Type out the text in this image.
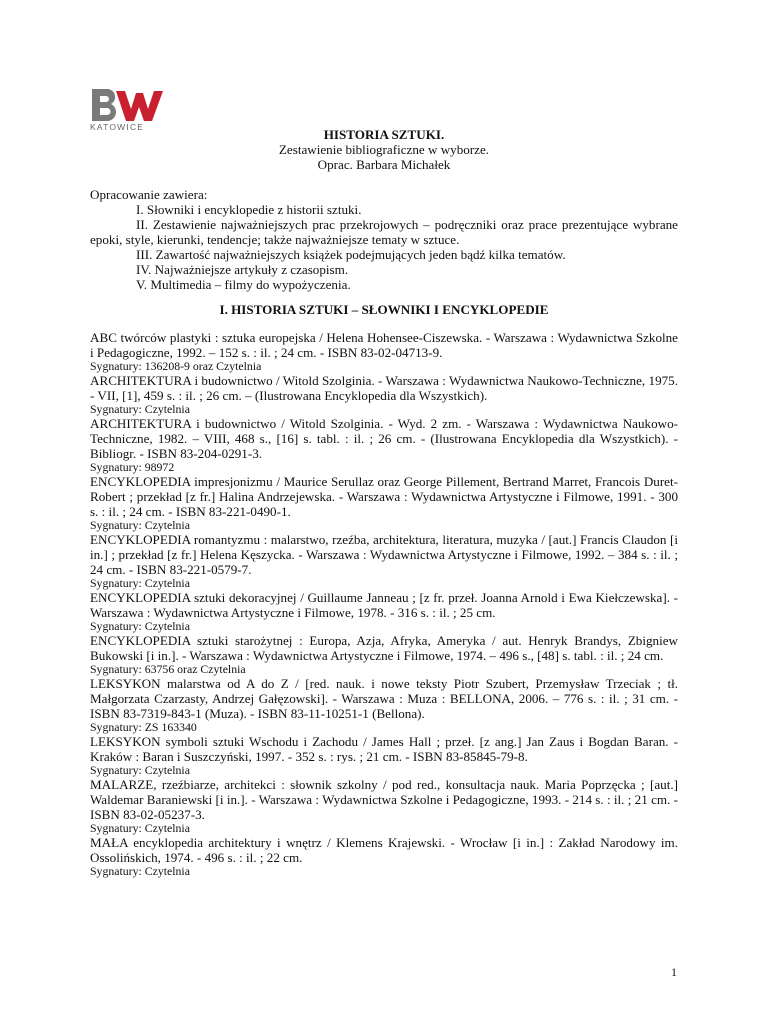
KATOWICE	HISTORIA SZTUKI.
Zestawienie bibliograficzne w wyborze.
Oprac. Barbara Michałek
Opracowanie zawiera:
I. Słowniki i encyklopedie z historii sztuki.
II. Zestawienie najważniejszych prac przekrojowych – podręczniki oraz prace prezentujące wybrane epoki, style, kierunki, tendencje; także najważniejsze tematy w sztuce.
III. Zawartość najważniejszych książek podejmujących jeden bądź kilka tematów.
IV. Najważniejsze artykuły z czasopism.
V. Multimedia – filmy do wypożyczenia.
I. HISTORIA SZTUKI – SŁOWNIKI I ENCYKLOPEDIE
ABC twórców plastyki : sztuka europejska / Helena Hohensee-Ciszewska. - Warszawa : Wydawnictwa Szkolne i Pedagogiczne, 1992. – 152 s. : il. ; 24 cm. - ISBN 83-02-04713-9.
Sygnatury: 136208-9 oraz Czytelnia
ARCHITEKTURA i budownictwo / Witold Szolginia. - Warszawa : Wydawnictwa Naukowo-Techniczne, 1975. - VII, [1], 459 s. : il. ; 26 cm. – (Ilustrowana Encyklopedia dla Wszystkich).
Sygnatury: Czytelnia
ARCHITEKTURA i budownictwo / Witold Szolginia. - Wyd. 2 zm. - Warszawa : Wydawnictwa Naukowo-Techniczne, 1982. – VIII, 468 s., [16] s. tabl. : il. ; 26 cm. - (Ilustrowana Encyklopedia dla Wszystkich). - Bibliogr. - ISBN 83-204-0291-3.
Sygnatury: 98972
ENCYKLOPEDIA impresjonizmu / Maurice Serullaz oraz George Pillement, Bertrand Marret, Francois Duret-Robert ; przekład [z fr.] Halina Andrzejewska. - Warszawa : Wydawnictwa Artystyczne i Filmowe, 1991. - 300 s. : il. ; 24 cm. - ISBN 83-221-0490-1.
Sygnatury: Czytelnia
ENCYKLOPEDIA romantyzmu : malarstwo, rzeźba, architektura, literatura, muzyka / [aut.] Francis Claudon [i in.] ; przekład [z fr.] Helena Kęszycka. - Warszawa : Wydawnictwa Artystyczne i Filmowe, 1992. – 384 s. : il. ; 24 cm. - ISBN 83-221-0579-7.
Sygnatury: Czytelnia
ENCYKLOPEDIA sztuki dekoracyjnej / Guillaume Janneau ; [z fr. przeł. Joanna Arnold i Ewa Kiełczewska]. - Warszawa : Wydawnictwa Artystyczne i Filmowe, 1978. - 316 s. : il. ; 25 cm.
Sygnatury: Czytelnia
ENCYKLOPEDIA sztuki starożytnej : Europa, Azja, Afryka, Ameryka / aut. Henryk Brandys, Zbigniew Bukowski [i in.]. - Warszawa : Wydawnictwa Artystyczne i Filmowe, 1974. – 496 s., [48] s. tabl. : il. ; 24 cm.
Sygnatury: 63756 oraz Czytelnia
LEKSYKON malarstwa od A do Z / [red. nauk. i nowe teksty Piotr Szubert, Przemysław Trzeciak ; tł. Małgorzata Czarzasty, Andrzej Gałęzowski]. - Warszawa : Muza : BELLONA, 2006. – 776 s. : il. ; 31 cm. - ISBN 83-7319-843-1 (Muza). - ISBN 83-11-10251-1 (Bellona).
Sygnatury: ZS 163340
LEKSYKON symboli sztuki Wschodu i Zachodu / James Hall ; przeł. [z ang.] Jan Zaus i Bogdan Baran. - Kraków : Baran i Suszczyński, 1997. - 352 s. : rys. ; 21 cm. - ISBN 83-85845-79-8.
Sygnatury: Czytelnia
MALARZE, rzeźbiarze, architekci : słownik szkolny / pod red., konsultacja nauk. Maria Poprzęcka ; [aut.] Waldemar Baraniewski [i in.]. - Warszawa : Wydawnictwa Szkolne i Pedagogiczne, 1993. - 214 s. : il. ; 21 cm. - ISBN 83-02-05237-3.
Sygnatury: Czytelnia
MAŁA encyklopedia architektury i wnętrz / Klemens Krajewski. - Wrocław [i in.] : Zakład Narodowy im. Ossolińskich, 1974. - 496 s. : il. ; 22 cm.
Sygnatury: Czytelnia
1
